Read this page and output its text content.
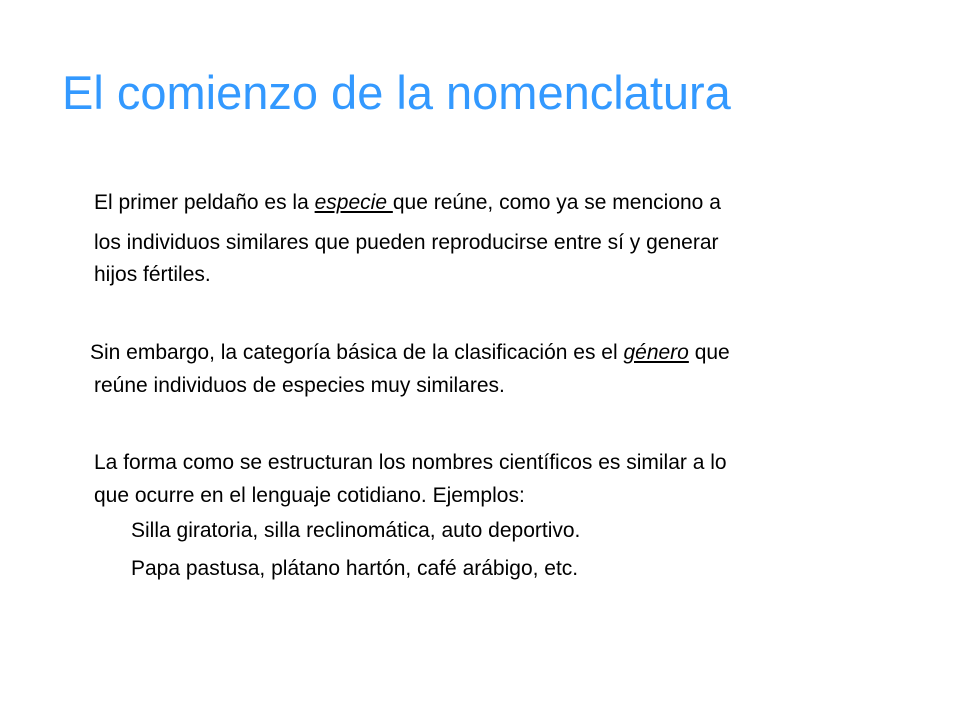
El comienzo de la nomenclatura
El primer peldaño es la especie que reúne, como ya se menciono a
los individuos similares que pueden reproducirse entre sí y generar
hijos fértiles.
Sin embargo, la categoría básica de la clasificación es el género que
reúne individuos de especies muy similares.
La forma como se estructuran los nombres científicos es similar a lo
que ocurre en el lenguaje cotidiano. Ejemplos:
Silla giratoria, silla reclinomática, auto deportivo.
Papa pastusa, plátano hartón, café arábigo, etc.
